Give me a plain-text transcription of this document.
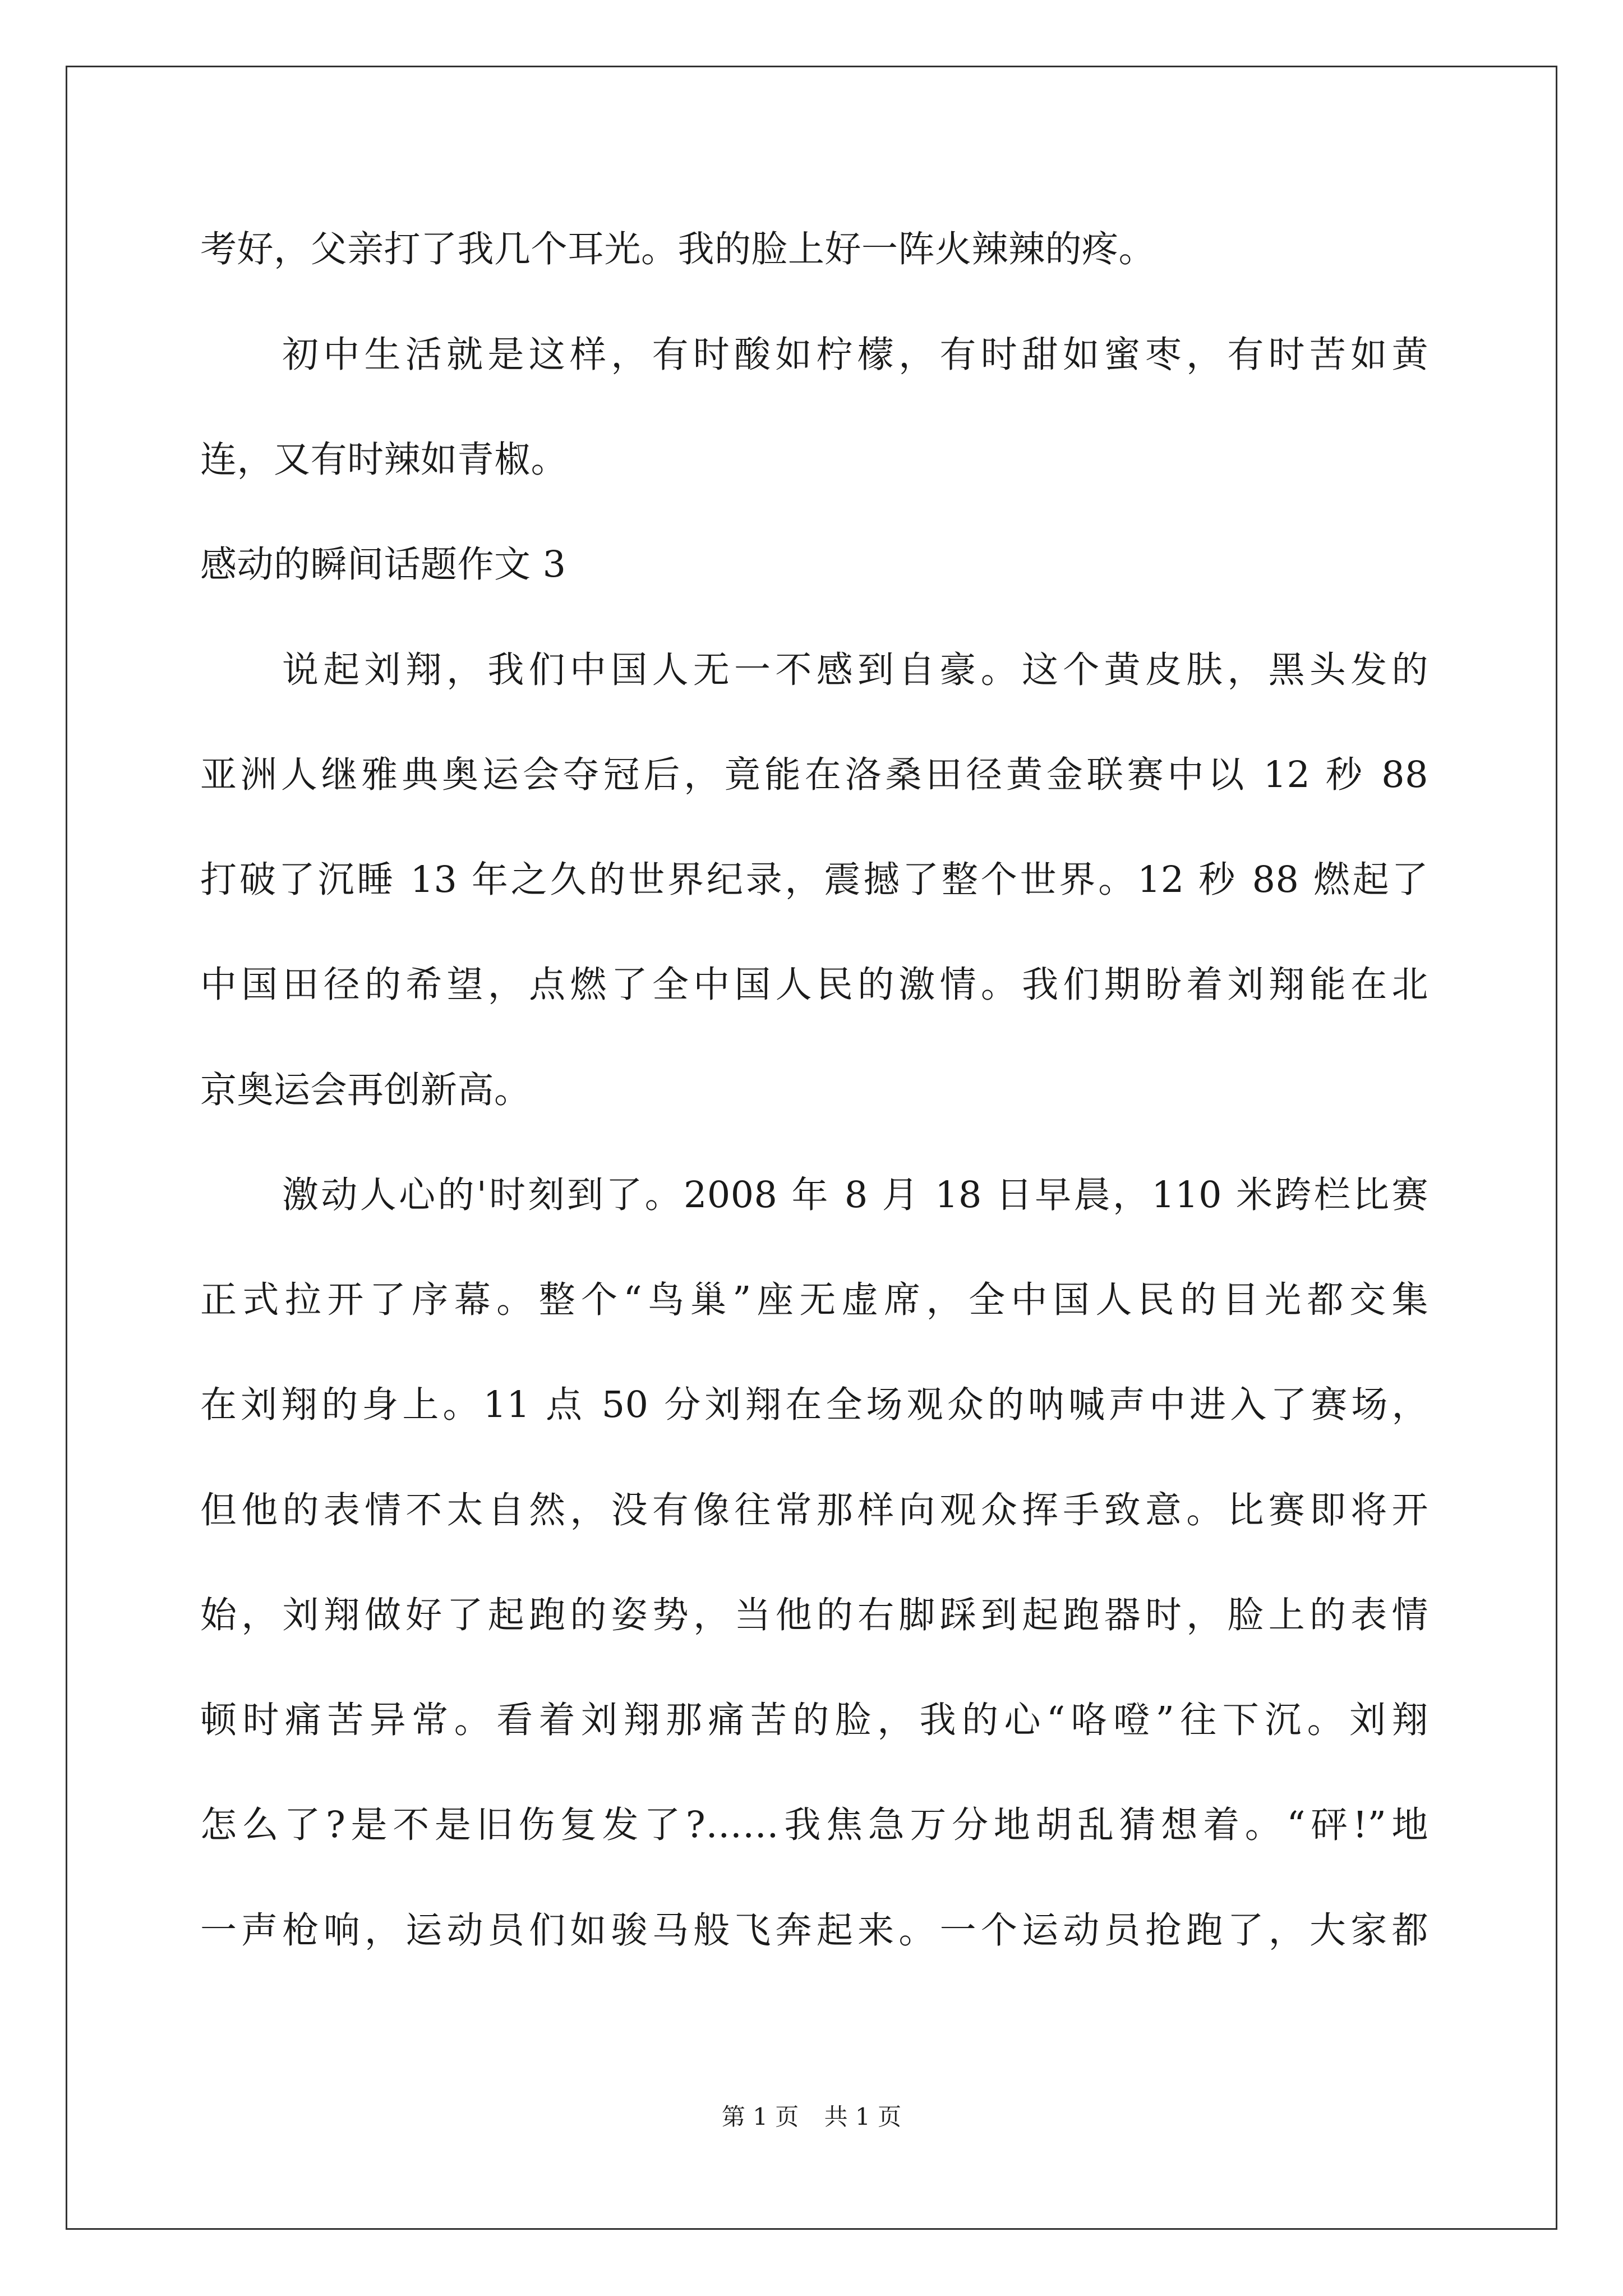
考好，父亲打了我几个耳光。我的脸上好一阵火辣辣的疼。
初中生活就是这样，有时酸如柠檬，有时甜如蜜枣，有时苦如黄
连，又有时辣如青椒。
感动的瞬间话题作文 3
说起刘翔，我们中国人无一不感到自豪。这个黄皮肤，黑头发的
亚洲人继雅典奥运会夺冠后，竟能在洛桑田径黄金联赛中以 12 秒 88
打破了沉睡 13 年之久的世界纪录，震撼了整个世界。12 秒 88 燃起了
中国田径的希望，点燃了全中国人民的激情。我们期盼着刘翔能在北
京奥运会再创新高。
激动人心的'时刻到了。2008 年 8 月 18 日早晨，110 米跨栏比赛
正式拉开了序幕。整个“鸟巢”座无虚席，全中国人民的目光都交集
在刘翔的身上。11 点 50 分刘翔在全场观众的呐喊声中进入了赛场，
但他的表情不太自然，没有像往常那样向观众挥手致意。比赛即将开
始，刘翔做好了起跑的姿势，当他的右脚踩到起跑器时，脸上的表情
顿时痛苦异常。看着刘翔那痛苦的脸，我的心“咯噔”往下沉。刘翔
怎么了?是不是旧伤复发了?……我焦急万分地胡乱猜想着。“砰!”地
一声枪响，运动员们如骏马般飞奔起来。一个运动员抢跑了，大家都
第 1 页 共 1 页
